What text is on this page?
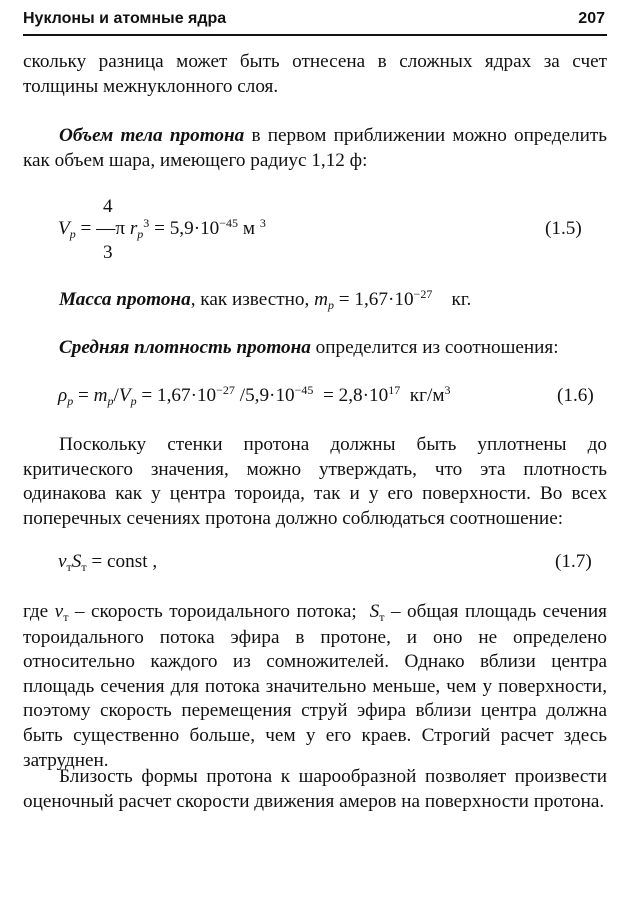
Нуклоны и атомные ядра	207

скольку разница может быть отнесена в сложных ядрах за счет толщины межнуклонного слоя.

Объем тела протона в первом приближении можно определить как объем шара, имеющего радиус 1,12 ф:

4
$V_p$ = —π $r_p^3 = 5,9\cdot 10^{-45}$ м $^3$
3
(1.5)

Масса протона, как известно, $m_p = 1,67\cdot 10^{-27}$    кг.

Средняя плотность протона определится из соотношения:

$\rho_p = m_p/V_p = 1,67\cdot 10^{-27}$ $/5,9\cdot 10^{-45} = 2,8\cdot 10^{17}$  $кг/м^3$	(1.6)

Поскольку стенки протона должны быть уплотнены до критического значения, можно утверждать, что эта плотность одинакова как у центра тороида, так и у его поверхности. Во всех поперечных сечениях протона должно соблюдаться соотношение:

$v_тS_т$ = const ,	(1.7)

где $v_т$ – скорость тороидального потока;  $S_т$ – общая площадь сечения тороидального потока эфира в протоне, и оно не определено относительно каждого из сомножителей. Однако вблизи центра площадь сечения для потока значительно меньше, чем у поверхности, поэтому скорость перемещения струй эфира вблизи центра должна быть существенно больше, чем у его краев. Строгий расчет здесь затруднен.

Близость формы протона к шарообразной позволяет произвести оценочный расчет скорости движения амеров на поверхности протона.
